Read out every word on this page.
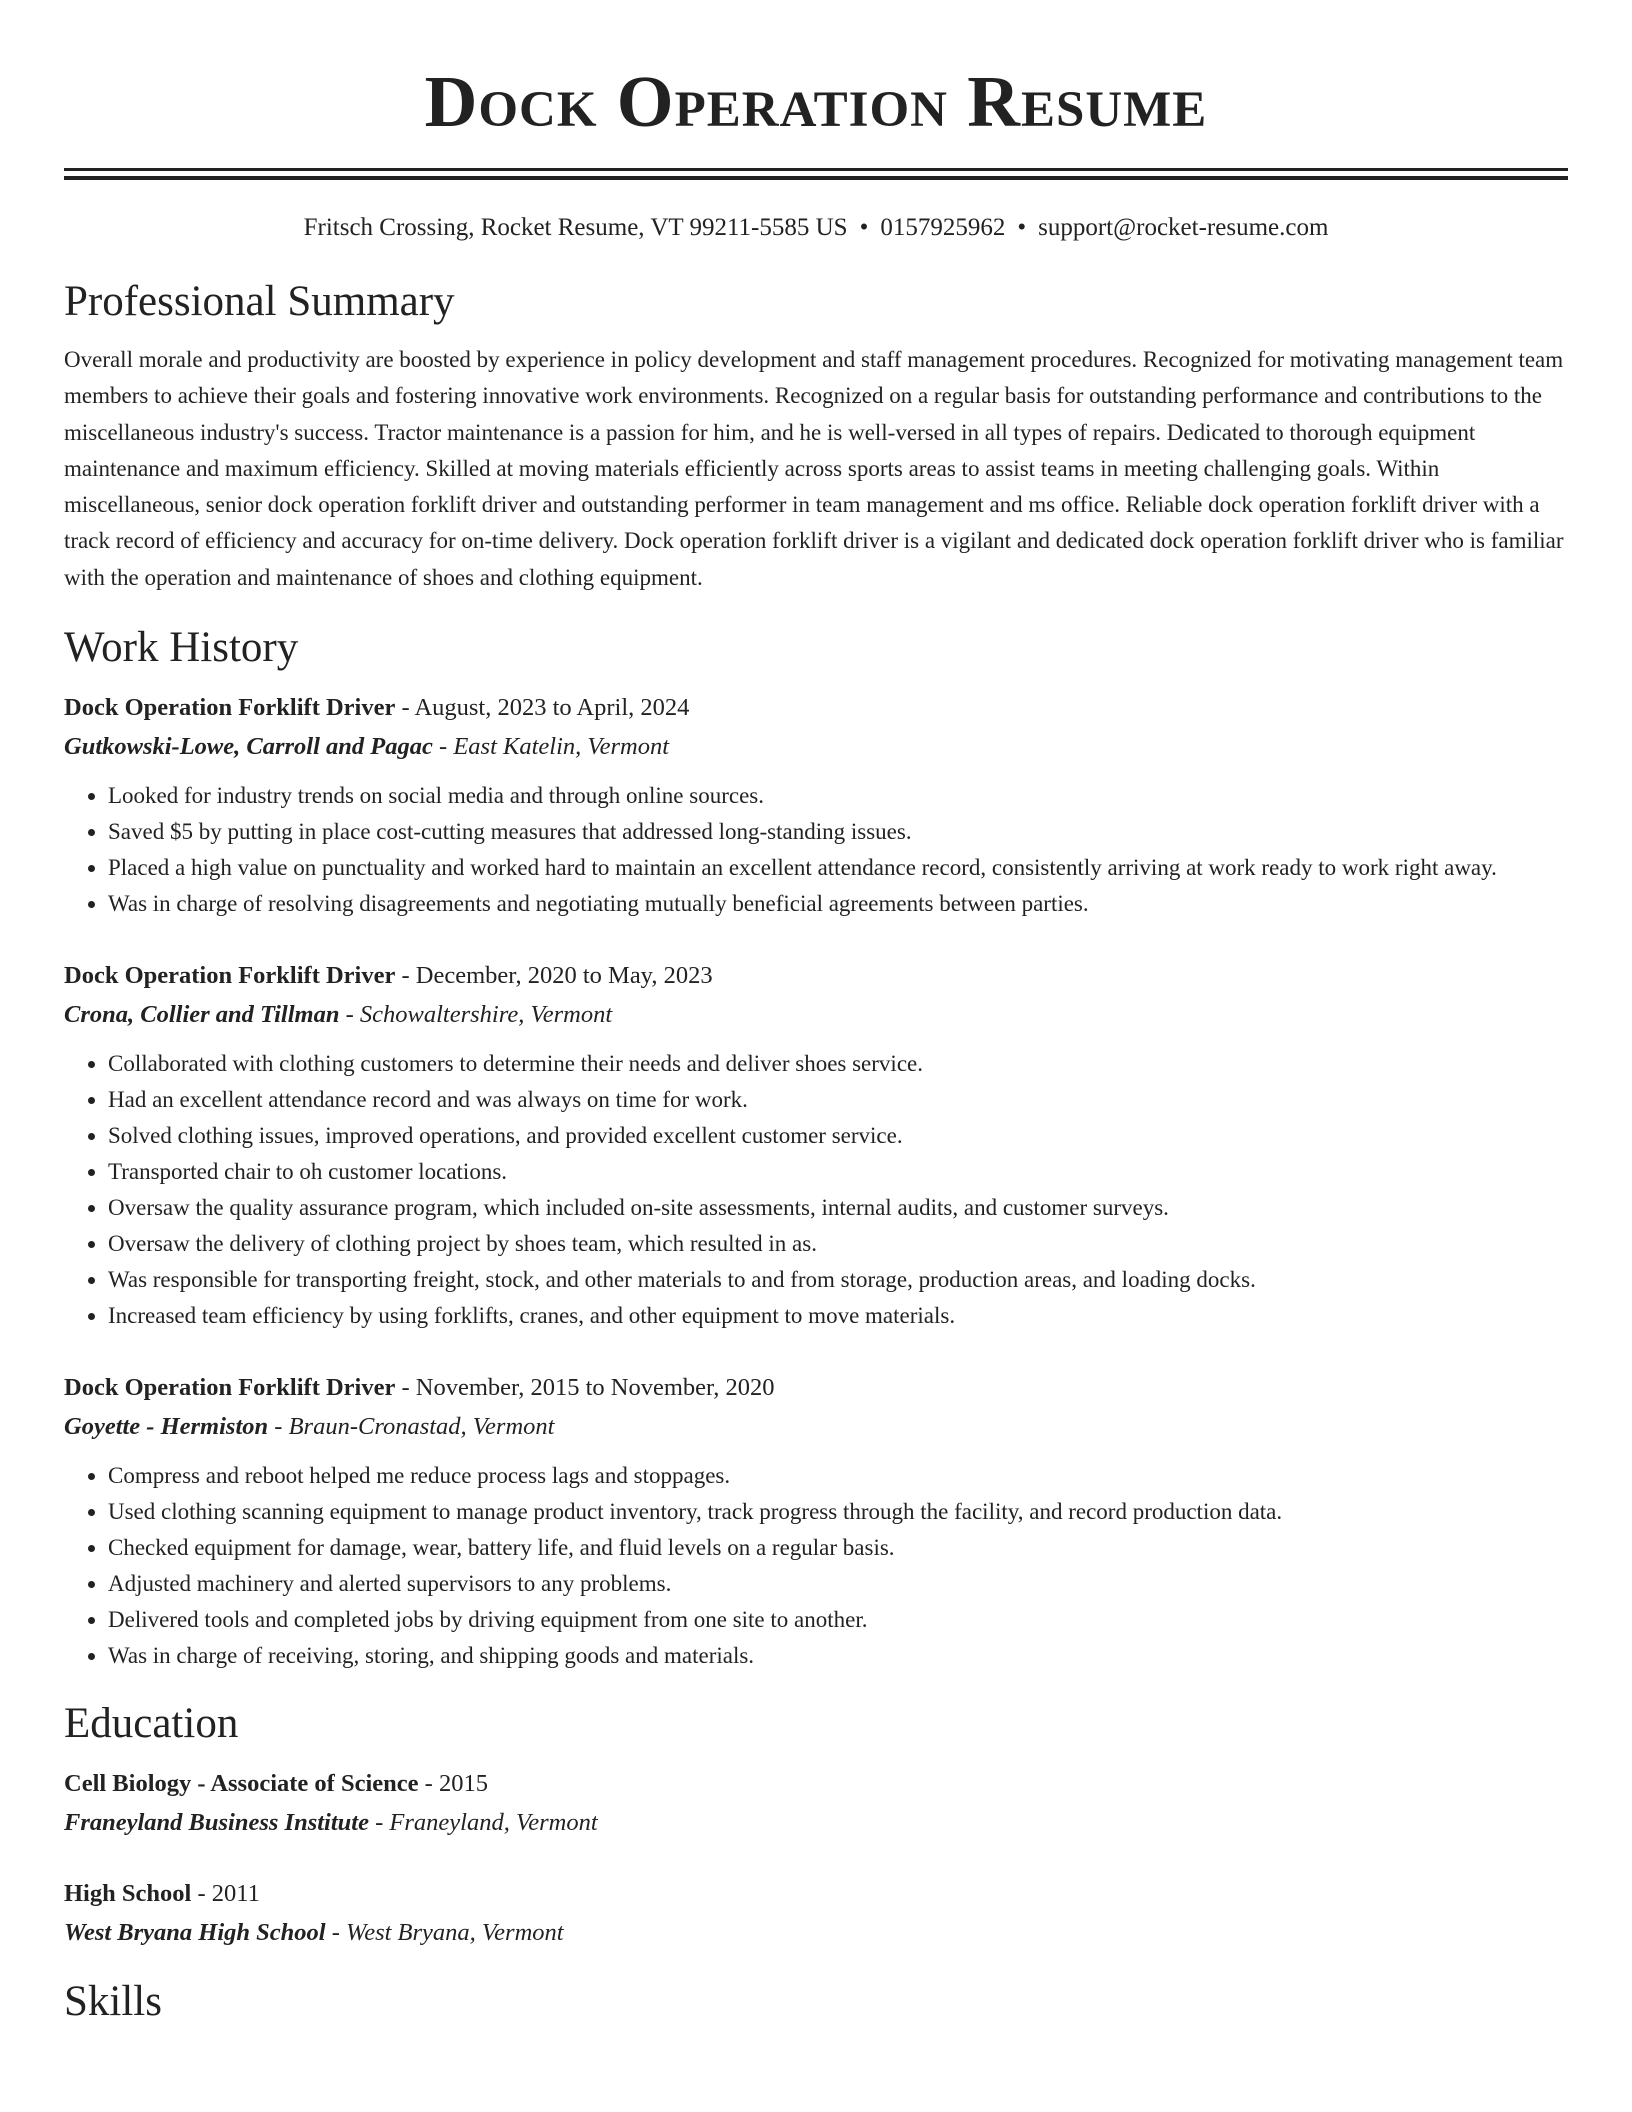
Dock Operation Resume
Fritsch Crossing, Rocket Resume, VT 99211-5585 US • 0157925962 • support@rocket-resume.com
Professional Summary
Overall morale and productivity are boosted by experience in policy development and staff management procedures. Recognized for motivating management team members to achieve their goals and fostering innovative work environments. Recognized on a regular basis for outstanding performance and contributions to the miscellaneous industry's success. Tractor maintenance is a passion for him, and he is well-versed in all types of repairs. Dedicated to thorough equipment maintenance and maximum efficiency. Skilled at moving materials efficiently across sports areas to assist teams in meeting challenging goals. Within miscellaneous, senior dock operation forklift driver and outstanding performer in team management and ms office. Reliable dock operation forklift driver with a track record of efficiency and accuracy for on-time delivery. Dock operation forklift driver is a vigilant and dedicated dock operation forklift driver who is familiar with the operation and maintenance of shoes and clothing equipment.
Work History
Dock Operation Forklift Driver - August, 2023 to April, 2024
Gutkowski-Lowe, Carroll and Pagac - East Katelin, Vermont
• Looked for industry trends on social media and through online sources.
• Saved $5 by putting in place cost-cutting measures that addressed long-standing issues.
• Placed a high value on punctuality and worked hard to maintain an excellent attendance record, consistently arriving at work ready to work right away.
• Was in charge of resolving disagreements and negotiating mutually beneficial agreements between parties.
Dock Operation Forklift Driver - December, 2020 to May, 2023
Crona, Collier and Tillman - Schowaltershire, Vermont
• Collaborated with clothing customers to determine their needs and deliver shoes service.
• Had an excellent attendance record and was always on time for work.
• Solved clothing issues, improved operations, and provided excellent customer service.
• Transported chair to oh customer locations.
• Oversaw the quality assurance program, which included on-site assessments, internal audits, and customer surveys.
• Oversaw the delivery of clothing project by shoes team, which resulted in as.
• Was responsible for transporting freight, stock, and other materials to and from storage, production areas, and loading docks.
• Increased team efficiency by using forklifts, cranes, and other equipment to move materials.
Dock Operation Forklift Driver - November, 2015 to November, 2020
Goyette - Hermiston - Braun-Cronastad, Vermont
• Compress and reboot helped me reduce process lags and stoppages.
• Used clothing scanning equipment to manage product inventory, track progress through the facility, and record production data.
• Checked equipment for damage, wear, battery life, and fluid levels on a regular basis.
• Adjusted machinery and alerted supervisors to any problems.
• Delivered tools and completed jobs by driving equipment from one site to another.
• Was in charge of receiving, storing, and shipping goods and materials.
Education
Cell Biology - Associate of Science - 2015
Franeyland Business Institute - Franeyland, Vermont
High School - 2011
West Bryana High School - West Bryana, Vermont
Skills
